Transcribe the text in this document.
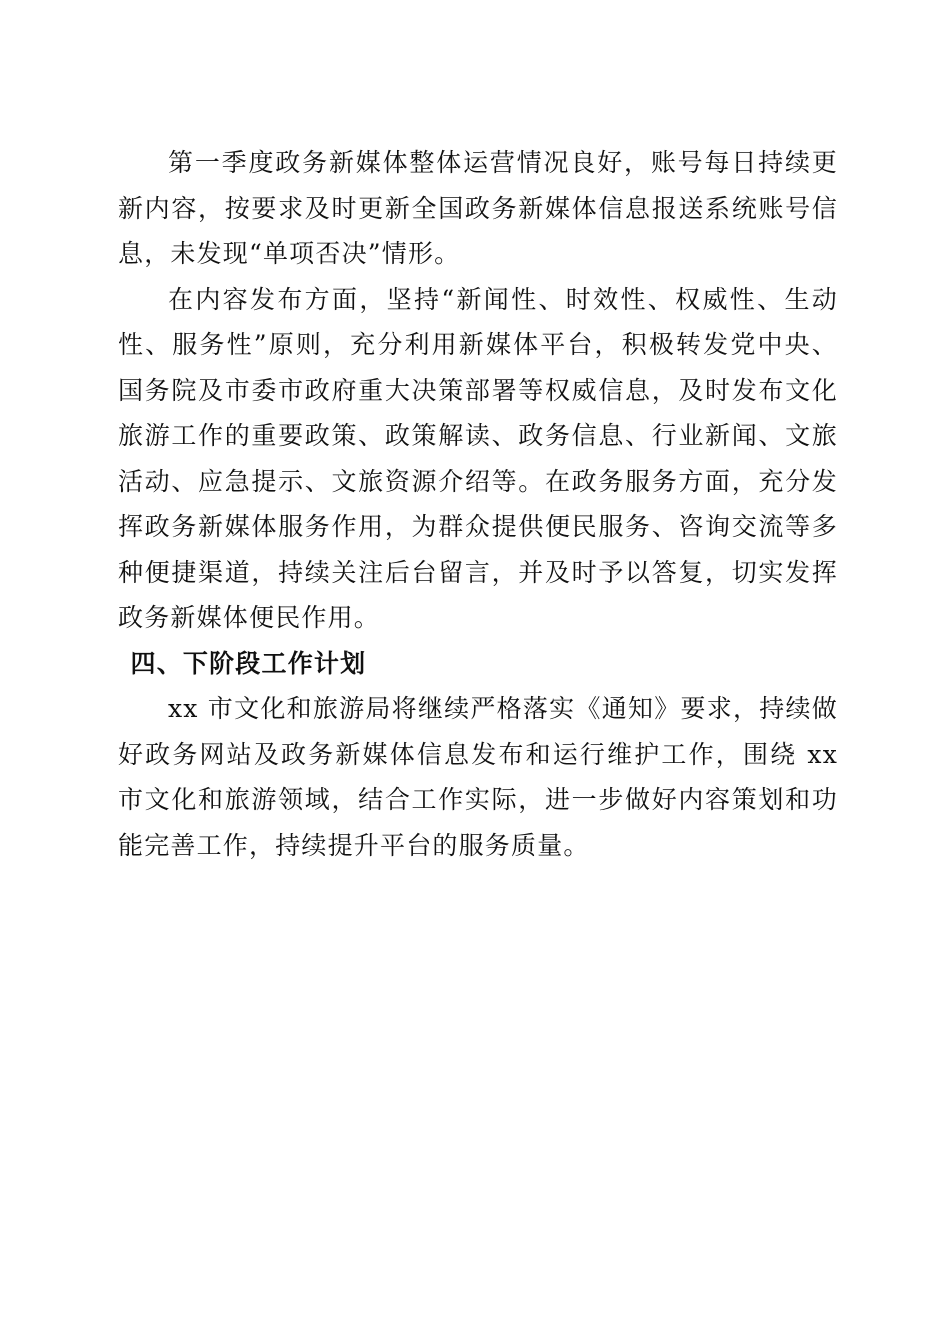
第一季度政务新媒体整体运营情况良好，账号每日持续更新内容，按要求及时更新全国政务新媒体信息报送系统账号信息，未发现“单项否决”情形。

在内容发布方面，坚持“新闻性、时效性、权威性、生动性、服务性”原则，充分利用新媒体平台，积极转发党中央、国务院及市委市政府重大决策部署等权威信息，及时发布文化旅游工作的重要政策、政策解读、政务信息、行业新闻、文旅活动、应急提示、文旅资源介绍等。在政务服务方面，充分发挥政务新媒体服务作用，为群众提供便民服务、咨询交流等多种便捷渠道，持续关注后台留言，并及时予以答复，切实发挥政务新媒体便民作用。

四、下阶段工作计划

xx 市文化和旅游局将继续严格落实《通知》要求，持续做好政务网站及政务新媒体信息发布和运行维护工作，围绕 xx 市文化和旅游领域，结合工作实际，进一步做好内容策划和功能完善工作，持续提升平台的服务质量。
